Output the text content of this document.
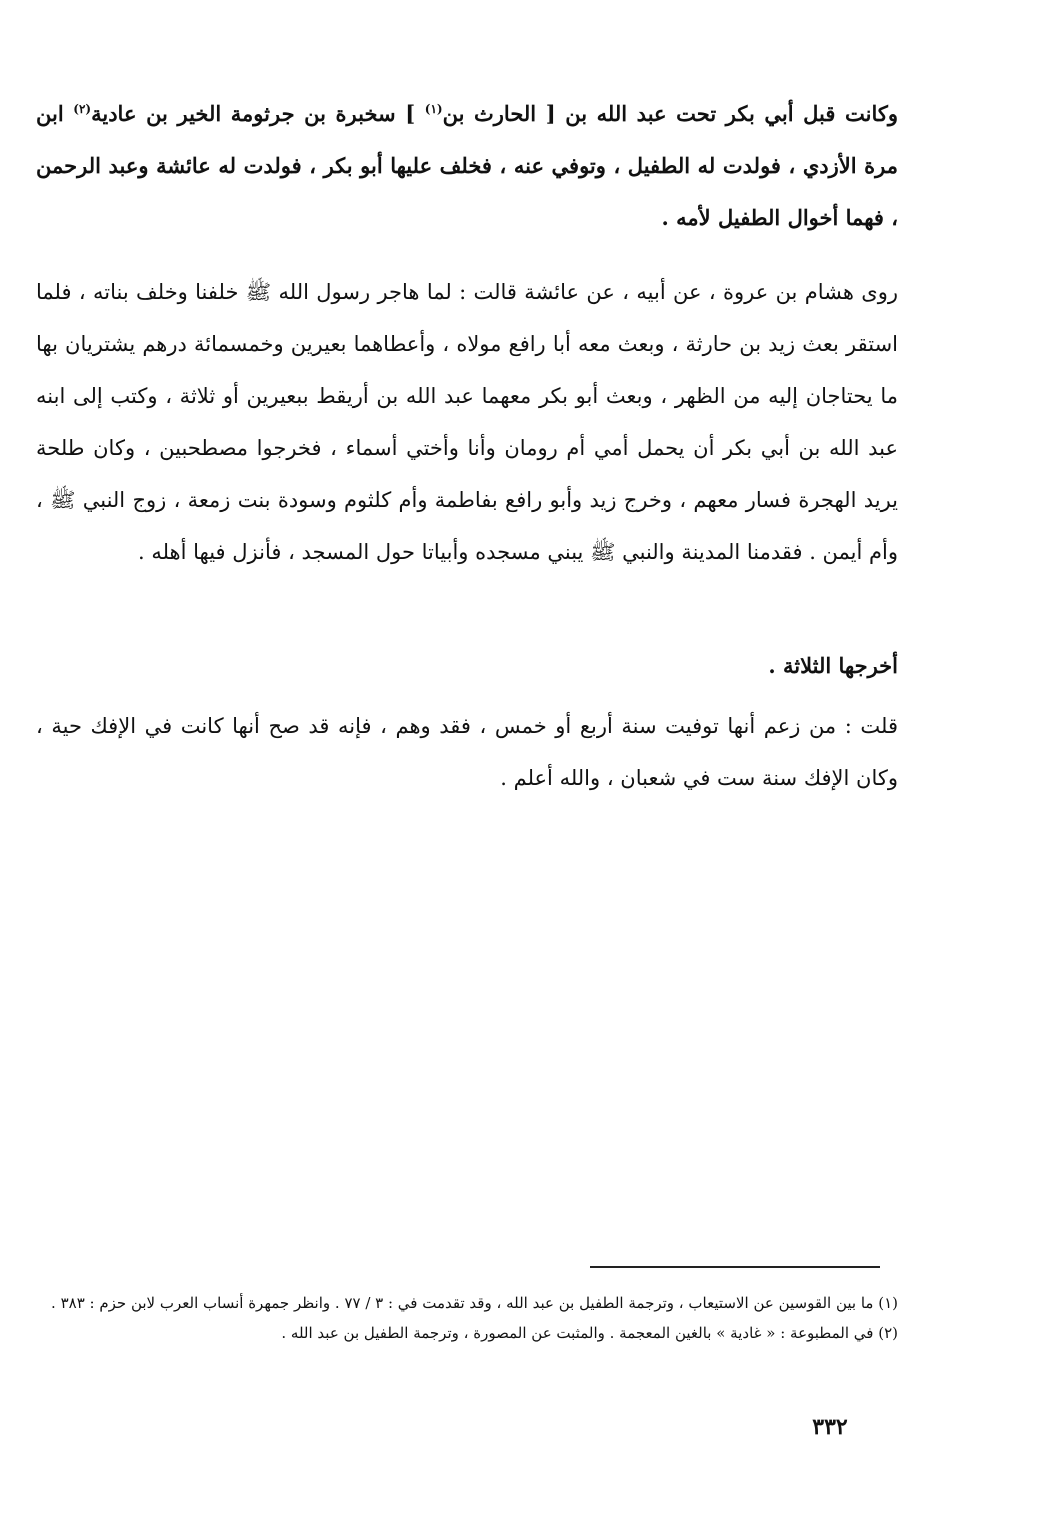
وكانت قبل أبي بكر تحت عبد الله بن [ الحارث بن$^{(١)}$ ] سخبرة بن جرثومة الخير بن عادية$^{(٢)}$ ابن مرة الأزدي ، فولدت له الطفيل ، وتوفي عنه ، فخلف عليها أبو بكر ، فولدت له عائشة وعبد الرحمن ، فهما أخوال الطفيل لأمه .

روى هشام بن عروة ، عن أبيه ، عن عائشة قالت : لما هاجر رسول الله ﷺ خلفنا وخلف بناته ، فلما استقر بعث زيد بن حارثة ، وبعث معه أبا رافع مولاه ، وأعطاهما بعيرين وخمسمائة درهم يشتريان بها ما يحتاجان إليه من الظهر ، وبعث أبو بكر معهما عبد الله بن أريقط ببعيرين أو ثلاثة ، وكتب إلى ابنه عبد الله بن أبي بكر أن يحمل أمي أم رومان وأنا وأختي أسماء ، فخرجوا مصطحبين ، وكان طلحة يريد الهجرة فسار معهم ، وخرج زيد وأبو رافع بفاطمة وأم كلثوم وسودة بنت زمعة ، زوج النبي ﷺ ، وأم أيمن . فقدمنا المدينة والنبي ﷺ يبني مسجده وأبياتا حول المسجد ، فأنزل فيها أهله .

أخرجها الثلاثة .

قلت : من زعم أنها توفيت سنة أربع أو خمس ، فقد وهم ، فإنه قد صح أنها كانت في الإفك حية ، وكان الإفك سنة ست في شعبان ، والله أعلم .

(١) ما بين القوسين عن الاستيعاب ، وترجمة الطفيل بن عبد الله ، وقد تقدمت في : ٣ / ٧٧ . وانظر جمهرة أنساب العرب لابن حزم : ٣٨٣ .

(٢) في المطبوعة : « غادية » بالغين المعجمة . والمثبت عن المصورة ، وترجمة الطفيل بن عبد الله .

٣٣٢
